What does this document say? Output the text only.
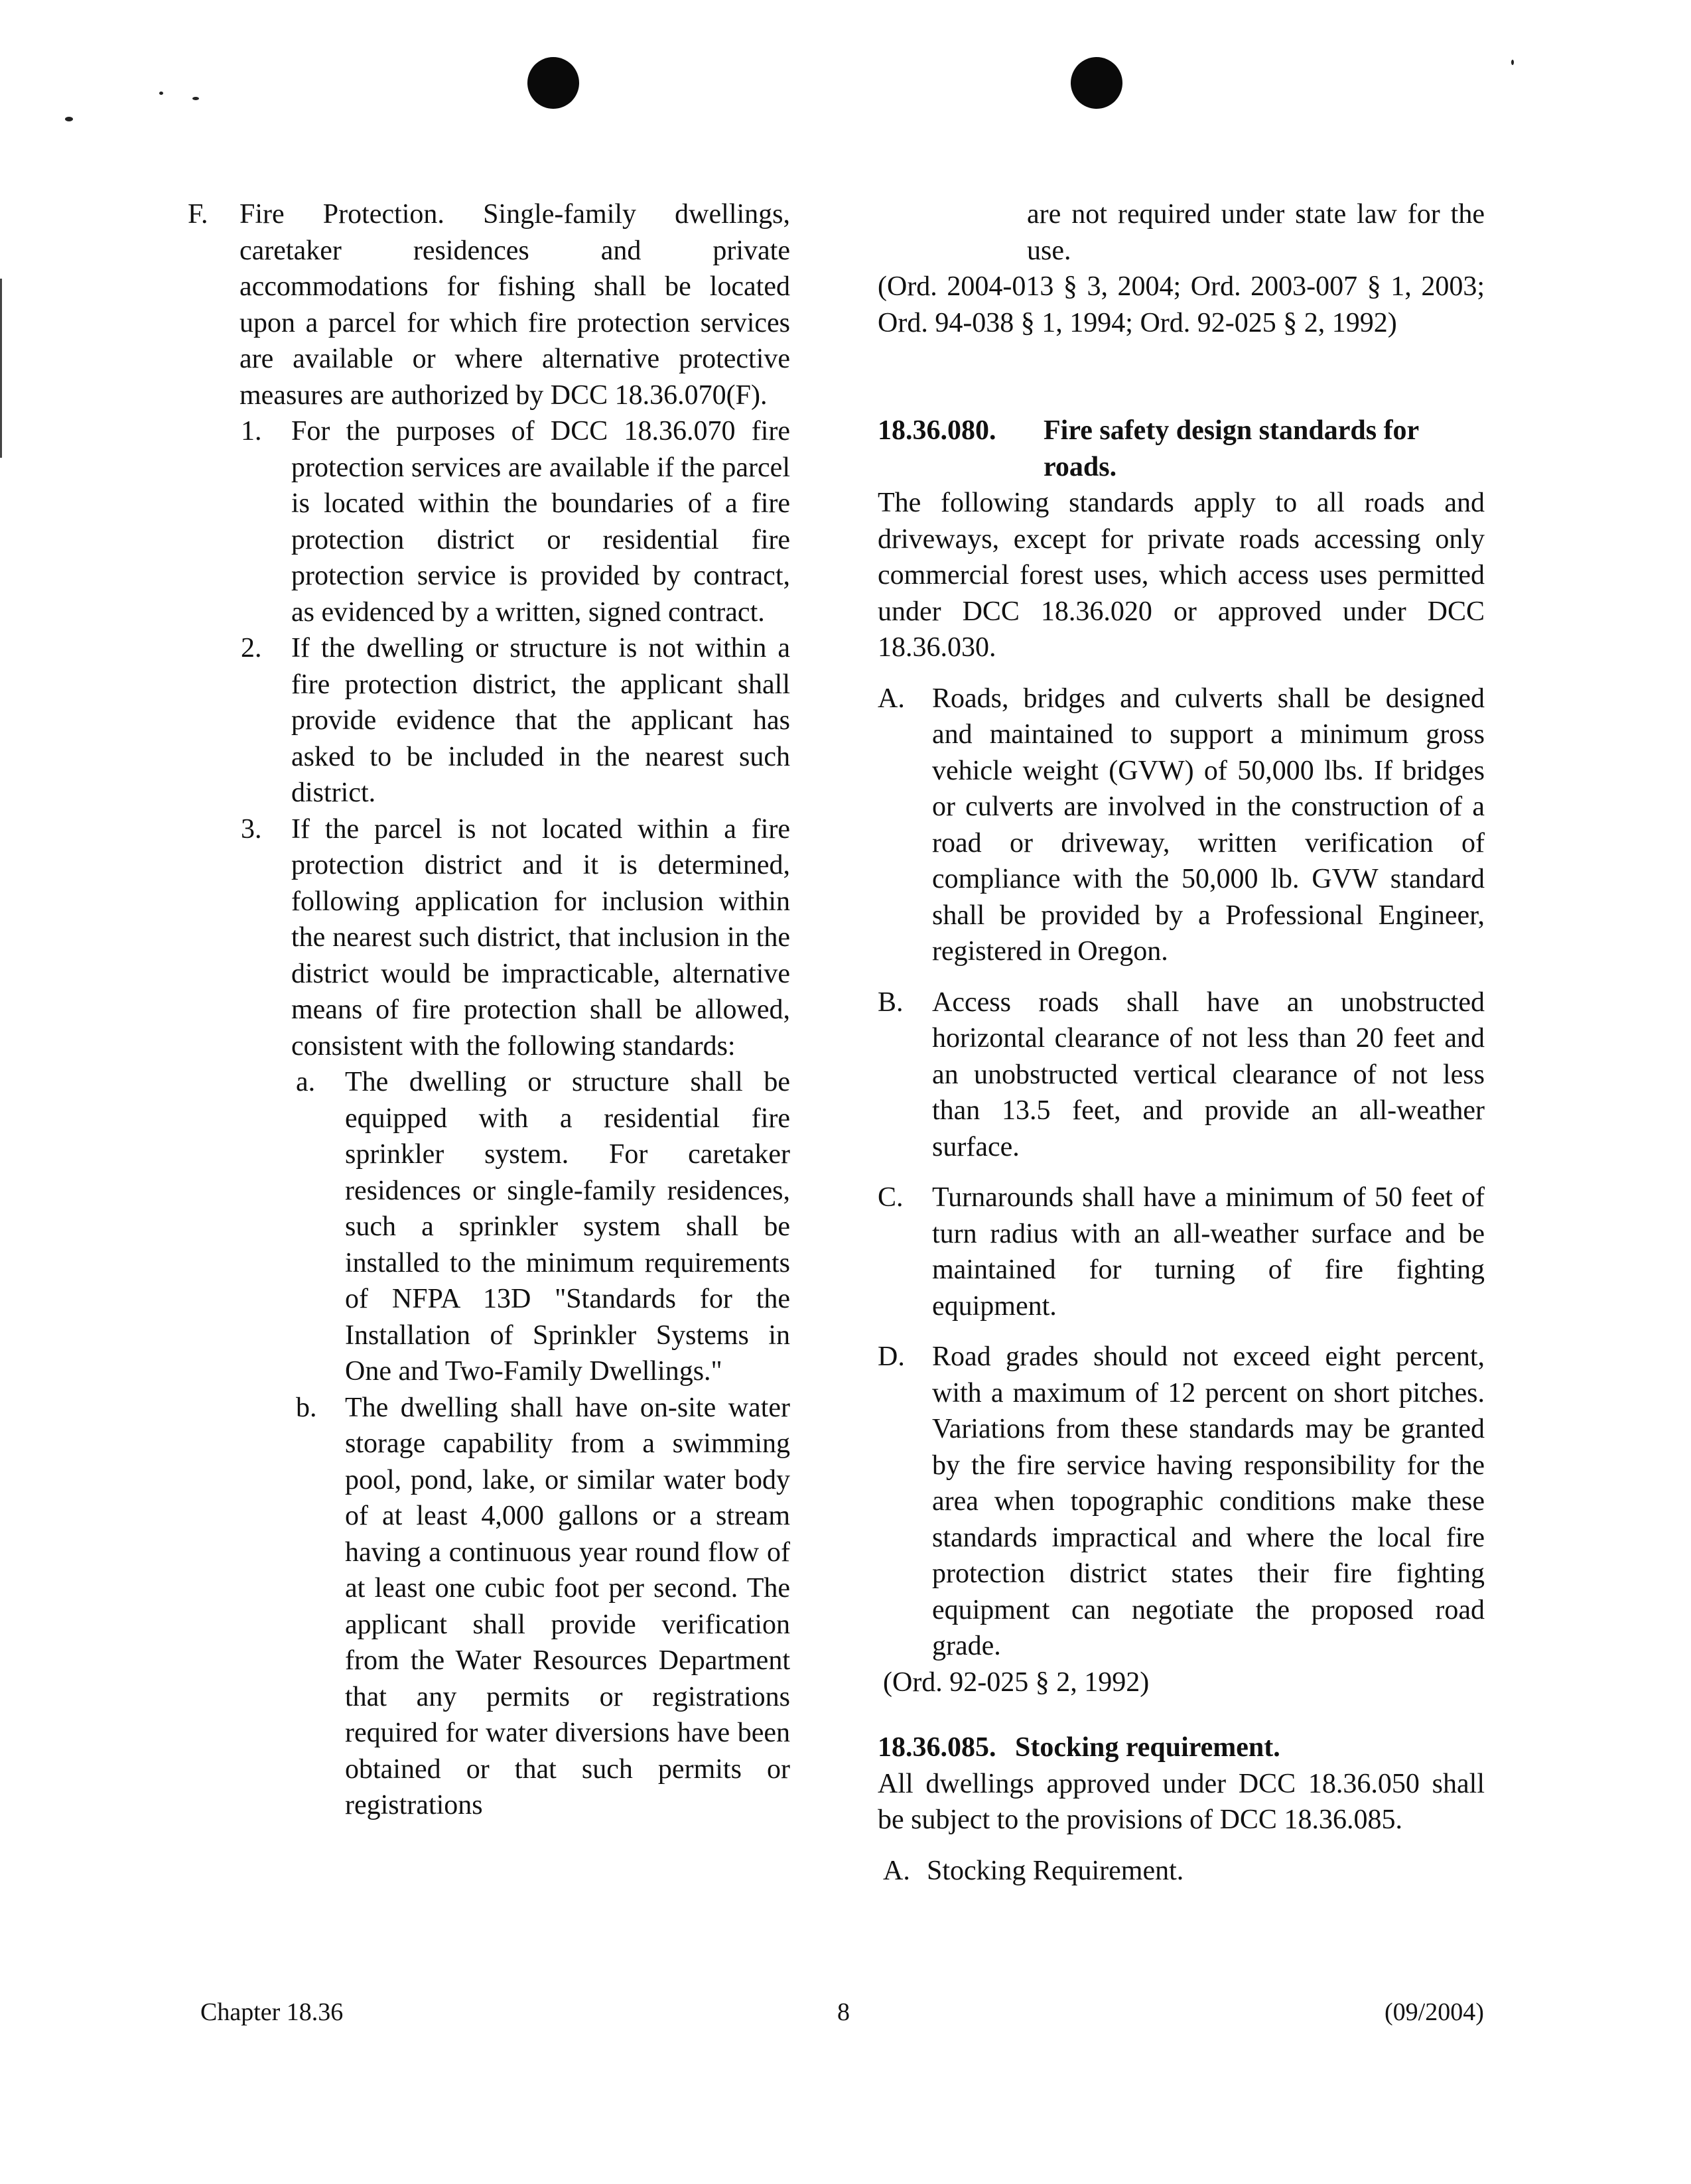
F. Fire Protection. Single-family dwellings, caretaker residences and private accommodations for fishing shall be located upon a parcel for which fire protection services are available or where alternative protective measures are authorized by DCC 18.36.070(F).
1. For the purposes of DCC 18.36.070 fire protection services are available if the parcel is located within the boundaries of a fire protection district or residential fire protection service is provided by contract, as evidenced by a written, signed contract.
2. If the dwelling or structure is not within a fire protection district, the applicant shall provide evidence that the applicant has asked to be included in the nearest such district.
3. If the parcel is not located within a fire protection district and it is determined, following application for inclusion within the nearest such district, that inclusion in the district would be impracticable, alternative means of fire protection shall be allowed, consistent with the following standards:
a. The dwelling or structure shall be equipped with a residential fire sprinkler system. For caretaker residences or single-family residences, such a sprinkler system shall be installed to the minimum requirements of NFPA 13D "Standards for the Installation of Sprinkler Systems in One and Two-Family Dwellings."
b. The dwelling shall have on-site water storage capability from a swimming pool, pond, lake, or similar water body of at least 4,000 gallons or a stream having a continuous year round flow of at least one cubic foot per second. The applicant shall provide verification from the Water Resources Department that any permits or registrations required for water diversions have been obtained or that such permits or registrations
are not required under state law for the use.
(Ord. 2004-013 § 3, 2004; Ord. 2003-007 § 1, 2003; Ord. 94-038 § 1, 1994; Ord. 92-025 § 2, 1992)
18.36.080. Fire safety design standards for roads.
The following standards apply to all roads and driveways, except for private roads accessing only commercial forest uses, which access uses permitted under DCC 18.36.020 or approved under DCC 18.36.030.
A. Roads, bridges and culverts shall be designed and maintained to support a minimum gross vehicle weight (GVW) of 50,000 lbs. If bridges or culverts are involved in the construction of a road or driveway, written verification of compliance with the 50,000 lb. GVW standard shall be provided by a Professional Engineer, registered in Oregon.
B. Access roads shall have an unobstructed horizontal clearance of not less than 20 feet and an unobstructed vertical clearance of not less than 13.5 feet, and provide an all-weather surface.
C. Turnarounds shall have a minimum of 50 feet of turn radius with an all-weather surface and be maintained for turning of fire fighting equipment.
D. Road grades should not exceed eight percent, with a maximum of 12 percent on short pitches. Variations from these standards may be granted by the fire service having responsibility for the area when topographic conditions make these standards impractical and where the local fire protection district states their fire fighting equipment can negotiate the proposed road grade.
(Ord. 92-025 § 2, 1992)
18.36.085. Stocking requirement.
All dwellings approved under DCC 18.36.050 shall be subject to the provisions of DCC 18.36.085.
A. Stocking Requirement.
Chapter 18.36	8	(09/2004)
